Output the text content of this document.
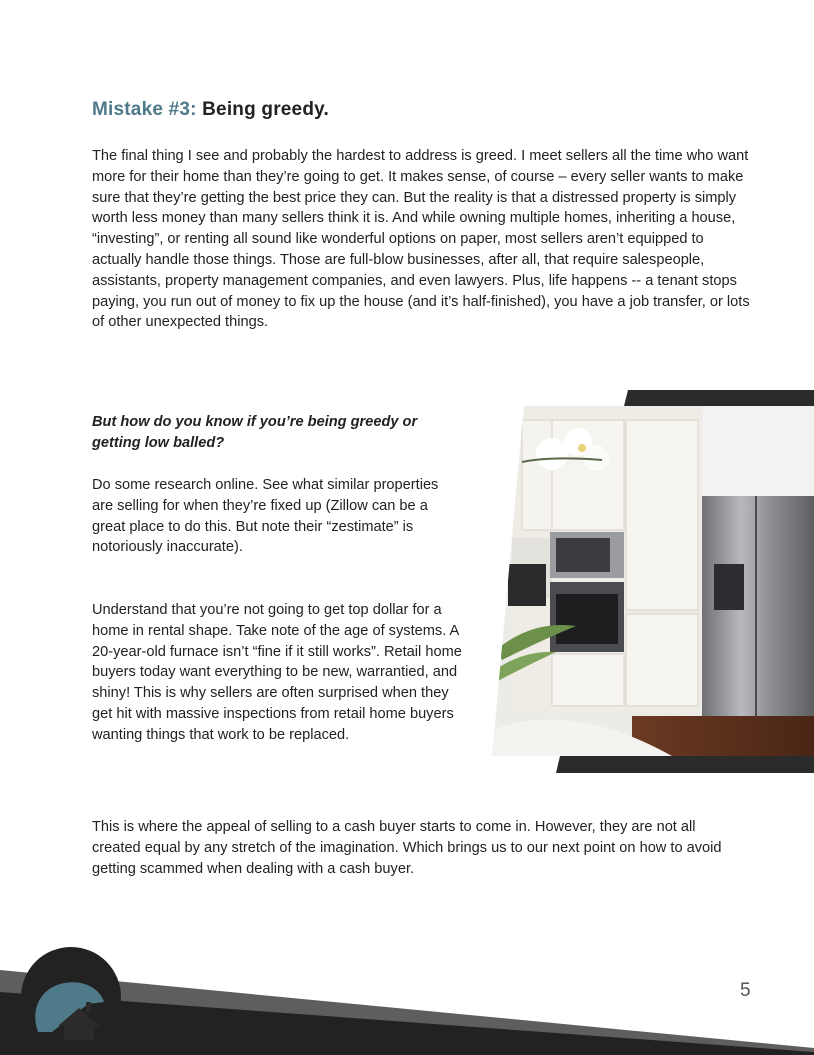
Mistake #3: Being greedy.

The final thing I see and probably the hardest to address is greed. I meet sellers all the time who want more for their home than they’re going to get. It makes sense, of course – every seller wants to make sure that they’re getting the best price they can. But the reality is that a distressed property is simply worth less money than many sellers think it is. And while owning multiple homes, inheriting a house, “investing”, or renting all sound like wonderful options on paper, most sellers aren’t equipped to actually handle those things. Those are full-blow businesses, after all, that require salespeople, assistants, property management companies, and even lawyers. Plus, life happens -- a tenant stops paying, you run out of money to fix up the house (and it’s half-finished), you have a job transfer, or lots of other unexpected things.

But how do you know if you’re being greedy or getting low balled?

Do some research online. See what similar properties are selling for when they’re fixed up (Zillow can be a great place to do this. But note their “zestimate” is notoriously inaccurate).

Understand that you’re not going to get top dollar for a home in rental shape. Take note of the age of systems. A 20-year-old furnace isn’t “fine if it still works”. Retail home buyers today want everything to be new, warrantied, and shiny! This is why sellers are often surprised when they get hit with massive inspections from retail home buyers wanting things that work to be replaced.

This is where the appeal of selling to a cash buyer starts to come in. However, they are not all created equal by any stretch of the imagination. Which brings us to our next point on how to avoid getting scammed when dealing with a cash buyer.

5
